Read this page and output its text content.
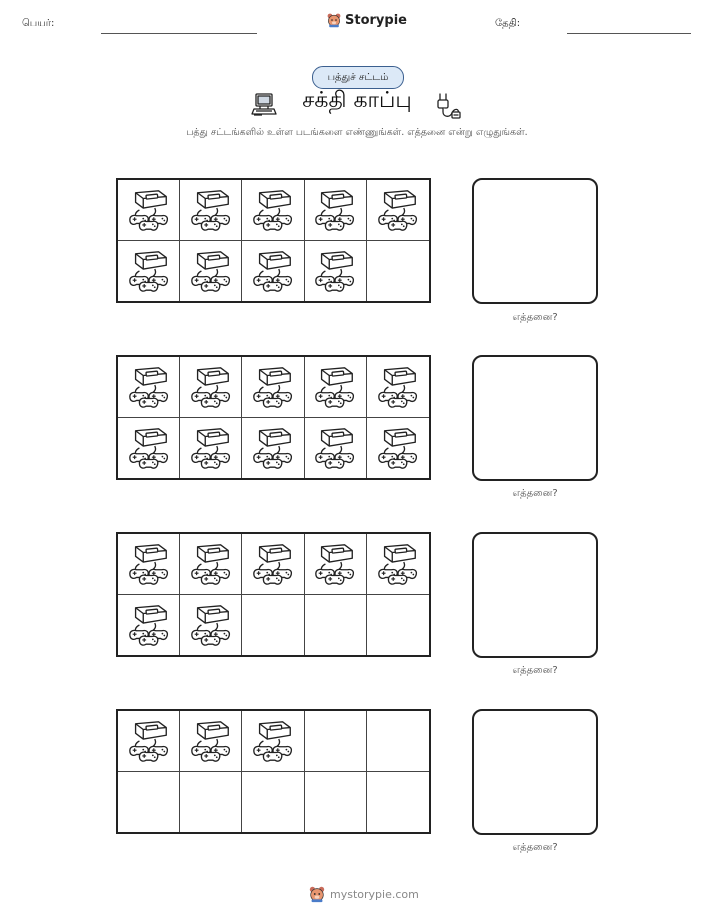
பெயர்:	Storypie	தேதி:
பத்துச் சட்டம்
சக்தி காப்பு
பத்து சட்டங்களில் உள்ள படங்களை எண்ணுங்கள். எத்தனை என்று எழுதுங்கள்.
எத்தனை?
எத்தனை?
எத்தனை?
எத்தனை?
mystorypie.com
